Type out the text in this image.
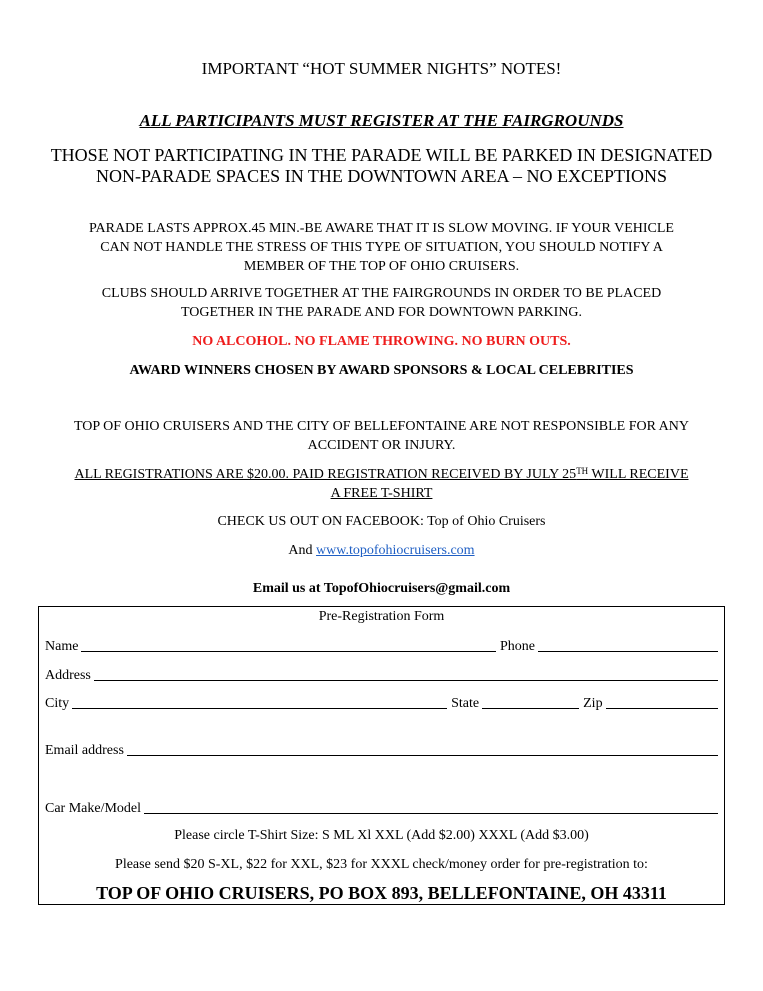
IMPORTANT “HOT SUMMER NIGHTS” NOTES!
ALL PARTICIPANTS MUST REGISTER AT THE FAIRGROUNDS
THOSE NOT PARTICIPATING IN THE PARADE WILL BE PARKED IN DESIGNATED
NON-PARADE SPACES IN THE DOWNTOWN AREA – NO EXCEPTIONS
PARADE LASTS APPROX.45 MIN.-BE AWARE THAT IT IS SLOW MOVING. IF YOUR VEHICLE
CAN NOT HANDLE THE STRESS OF THIS TYPE OF SITUATION, YOU SHOULD NOTIFY A
MEMBER OF THE TOP OF OHIO CRUISERS.
CLUBS SHOULD ARRIVE TOGETHER AT THE FAIRGROUNDS IN ORDER TO BE PLACED
TOGETHER IN THE PARADE AND FOR DOWNTOWN PARKING.
NO ALCOHOL. NO FLAME THROWING. NO BURN OUTS.
AWARD WINNERS CHOSEN BY AWARD SPONSORS & LOCAL CELEBRITIES
TOP OF OHIO CRUISERS AND THE CITY OF BELLEFONTAINE ARE NOT RESPONSIBLE FOR ANY
ACCIDENT OR INJURY.
ALL REGISTRATIONS ARE $20.00. PAID REGISTRATION RECEIVED BY JULY 25TH WILL RECEIVE
A FREE T-SHIRT
CHECK US OUT ON FACEBOOK: Top of Ohio Cruisers
And www.topofohiocruisers.com
Email us at TopofOhiocruisers@gmail.com
Pre-Registration Form
Name	Phone
Address
City	State	Zip
Email address
Car Make/Model
Please circle T-Shirt Size: S ML Xl XXL (Add $2.00) XXXL (Add $3.00)
Please send $20 S-XL, $22 for XXL, $23 for XXXL check/money order for pre-registration to:
TOP OF OHIO CRUISERS, PO BOX 893, BELLEFONTAINE, OH 43311
